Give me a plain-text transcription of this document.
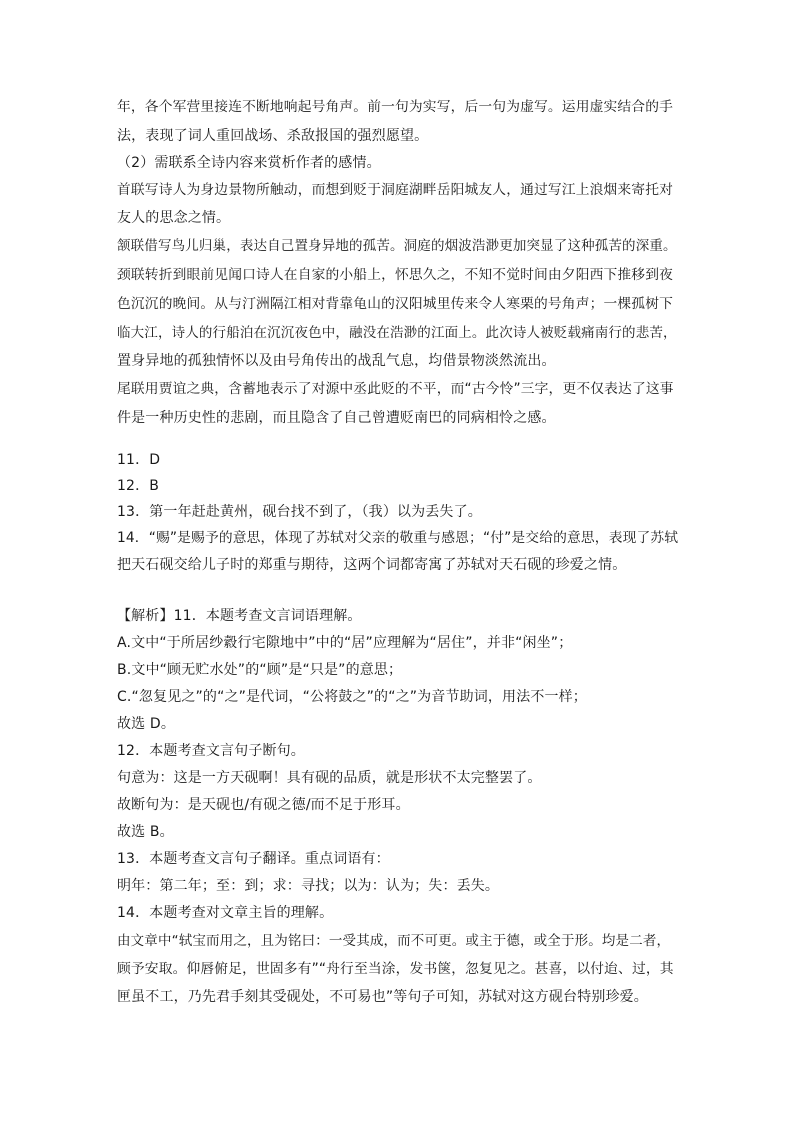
年，各个军营里接连不断地响起号角声。前一句为实写，后一句为虚写。运用虚实结合的手

法，表现了词人重回战场、杀敌报国的强烈愿望。

（2）需联系全诗内容来赏析作者的感情。

首联写诗人为身边景物所触动，而想到贬于洞庭湖畔岳阳城友人，通过写江上浪烟来寄托对

友人的思念之情。

颔联借写鸟儿归巢，表达自己置身异地的孤苦。洞庭的烟波浩渺更加突显了这种孤苦的深重。

颈联转折到眼前见闻口诗人在自家的小船上，怀思久之，不知不觉时间由夕阳西下推移到夜

色沉沉的晚间。从与汀洲隔江相对背靠龟山的汉阳城里传来令人寒栗的号角声；一棵孤树下

临大江，诗人的行船泊在沉沉夜色中，融没在浩渺的江面上。此次诗人被贬载痛南行的悲苦，

置身异地的孤独情怀以及由号角传出的战乱气息，均借景物淡然流出。

尾联用贾谊之典，含蓄地表示了对源中丞此贬的不平，而“古今怜”三字，更不仅表达了这事

件是一种历史性的悲剧，而且隐含了自己曾遭贬南巴的同病相怜之感。

11．D

12．B

13．第一年赶赴黄州，砚台找不到了，（我）以为丢失了。

14．“赐”是赐予的意思，体现了苏轼对父亲的敬重与感恩；“付”是交给的意思，表现了苏轼

把天石砚交给儿子时的郑重与期待，这两个词都寄寓了苏轼对天石砚的珍爱之情。

【解析】11．本题考查文言词语理解。

A.文中“于所居纱縠行宅隙地中”中的“居”应理解为“居住”，并非“闲坐”；

B.文中“顾无贮水处”的“顾”是“只是”的意思；

C.“忽复见之”的“之”是代词，“公将鼓之”的“之”为音节助词，用法不一样；

故选 D。

12．本题考查文言句子断句。

句意为：这是一方天砚啊！具有砚的品质，就是形状不太完整罢了。

故断句为：是天砚也/有砚之德/而不足于形耳。

故选 B。

13．本题考查文言句子翻译。重点词语有：

明年：第二年；至：到；求：寻找；以为：认为；失：丢失。

14．本题考查对文章主旨的理解。

由文章中“轼宝而用之，且为铭曰：一受其成，而不可更。或主于德，或全于形。均是二者，

顾予安取。仰唇俯足，世固多有”“舟行至当涂，发书箧，忽复见之。甚喜，以付迨、过，其

匣虽不工，乃先君手刻其受砚处，不可易也”等句子可知，苏轼对这方砚台特别珍爱。
